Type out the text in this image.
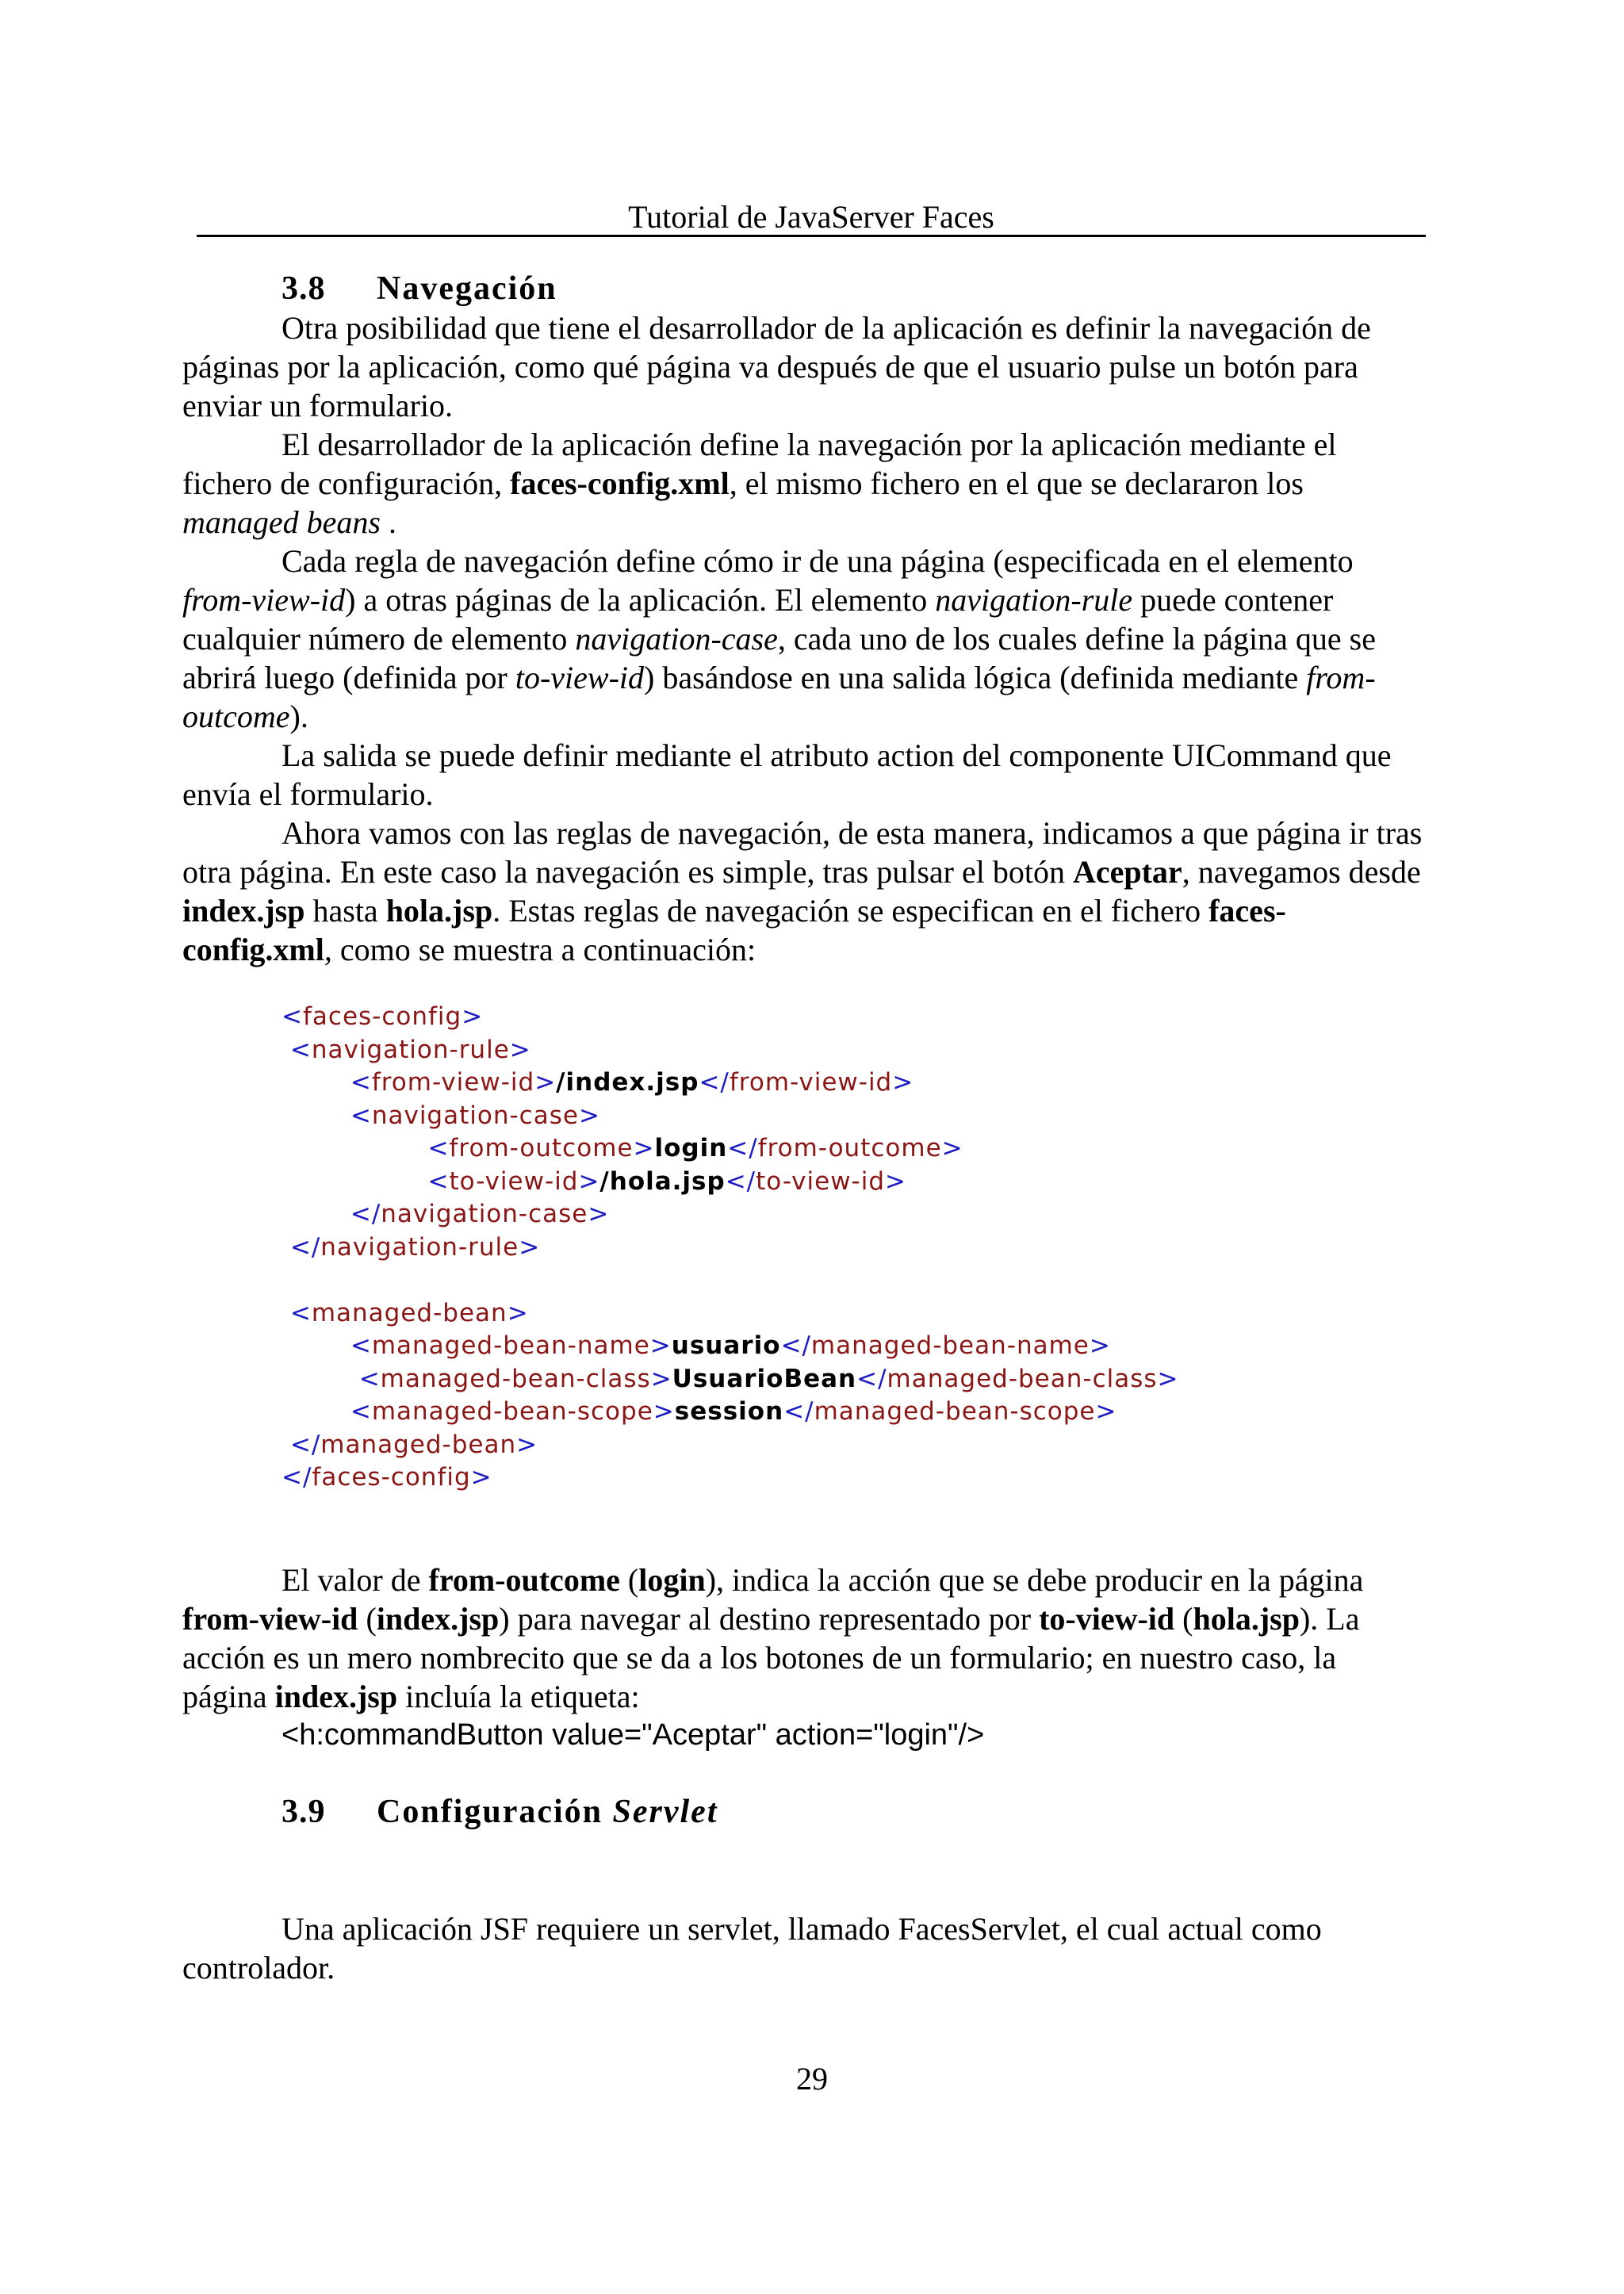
Tutorial de JavaServer Faces

3.8 Navegación

Otra posibilidad que tiene el desarrollador de la aplicación es definir la navegación de páginas por la aplicación, como qué página va después de que el usuario pulse un botón para enviar un formulario.

El desarrollador de la aplicación define la navegación por la aplicación mediante el fichero de configuración, faces-config.xml, el mismo fichero en el que se declararon los managed beans .

Cada regla de navegación define cómo ir de una página (especificada en el elemento from-view-id) a otras páginas de la aplicación. El elemento navigation-rule puede contener cualquier número de elemento navigation-case, cada uno de los cuales define la página que se abrirá luego (definida por to-view-id) basándose en una salida lógica (definida mediante from-outcome).

La salida se puede definir mediante el atributo action del componente UICommand que envía el formulario.

Ahora vamos con las reglas de navegación, de esta manera, indicamos a que página ir tras otra página. En este caso la navegación es simple, tras pulsar el botón Aceptar, navegamos desde index.jsp hasta hola.jsp. Estas reglas de navegación se especifican en el fichero faces-config.xml, como se muestra a continuación:

<faces-config>
<navigation-rule>
<from-view-id>/index.jsp</from-view-id>
<navigation-case>
<from-outcome>login</from-outcome>
<to-view-id>/hola.jsp</to-view-id>
</navigation-case>
</navigation-rule>

<managed-bean>
<managed-bean-name>usuario</managed-bean-name>
<managed-bean-class>UsuarioBean</managed-bean-class>
<managed-bean-scope>session</managed-bean-scope>
</managed-bean>
</faces-config>

El valor de from-outcome (login), indica la acción que se debe producir en la página from-view-id (index.jsp) para navegar al destino representado por to-view-id (hola.jsp). La acción es un mero nombrecito que se da a los botones de un formulario; en nuestro caso, la página index.jsp incluía la etiqueta:

<h:commandButton value="Aceptar" action="login"/>

3.9 Configuración Servlet

Una aplicación JSF requiere un servlet, llamado FacesServlet, el cual actual como controlador.

29
